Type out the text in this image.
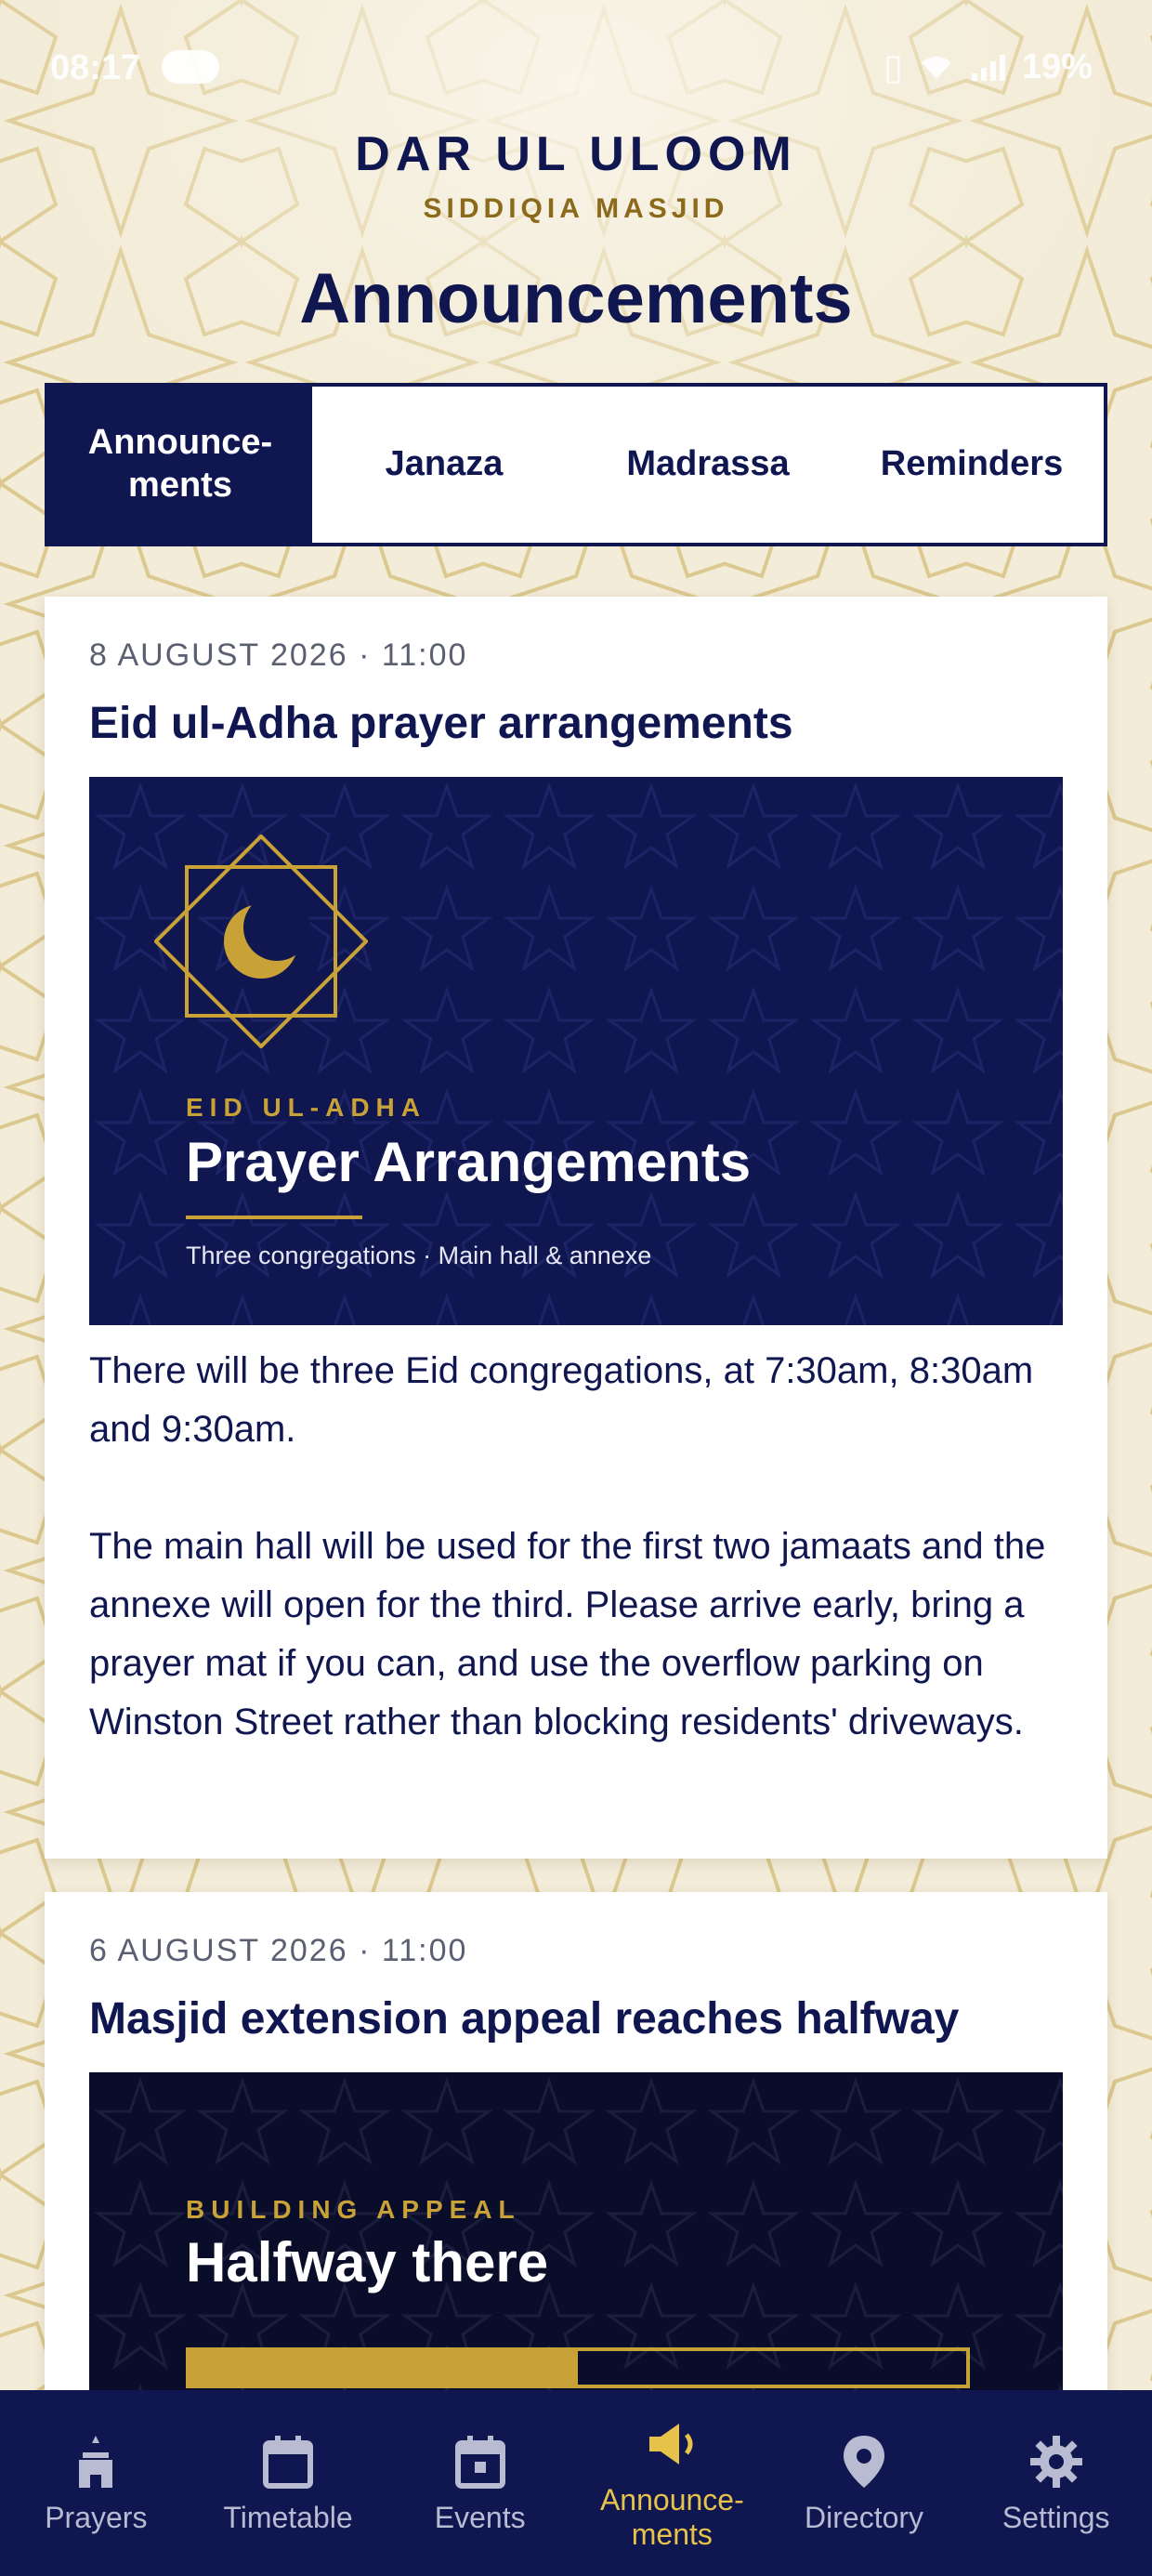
08:17	▯	19%
DAR UL ULOOM
SIDDIQIA MASJID
Announcements
Announce-
ments
Janaza	Madrassa	Reminders
8 AUGUST 2026 · 11:00
Eid ul-Adha prayer arrangements
EID UL-ADHA
Prayer Arrangements
Three congregations · Main hall & annexe

There will be three Eid congregations, at 7:30am, 8:30am and 9:30am.

The main hall will be used for the first two jamaats and the annexe will open for the third. Please arrive early, bring a prayer mat if you can, and use the overflow parking on Winston Street rather than blocking residents' driveways.

6 AUGUST 2026 · 11:00
Masjid extension appeal reaches halfway
BUILDING APPEAL
Halfway there
Prayers	Timetable	Events
Announce-
ments
Directory	Settings
